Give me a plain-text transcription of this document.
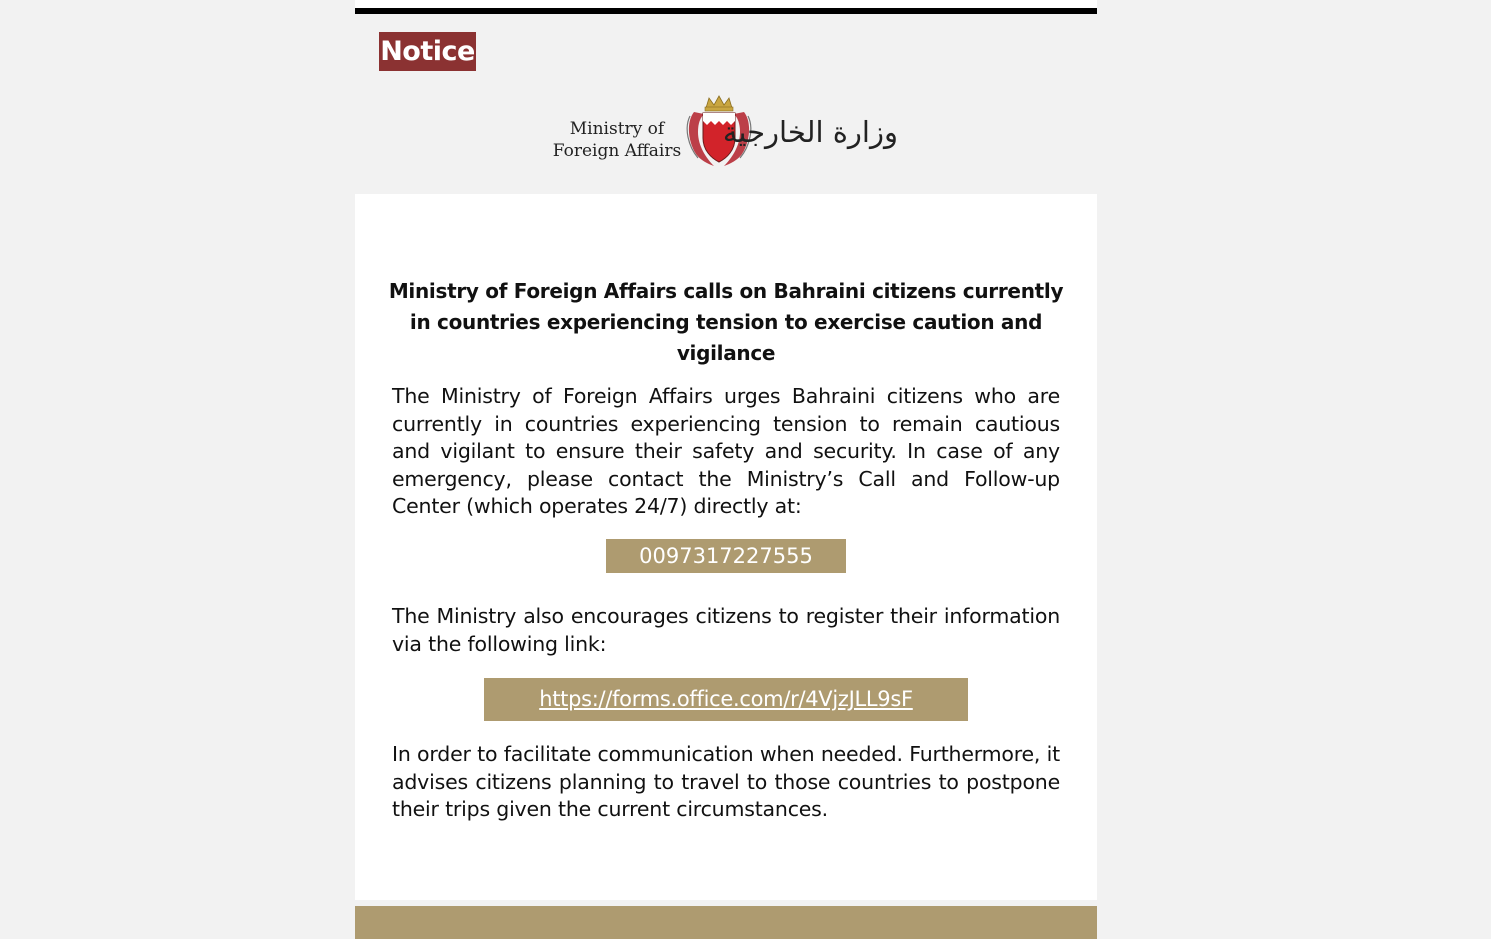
Notice
Ministry of
Foreign Affairs
وزارة الخارجية
Ministry of Foreign Affairs calls on Bahraini citizens currently in countries experiencing tension to exercise caution and vigilance
The Ministry of Foreign Affairs urges Bahraini citizens who are currently in countries experiencing tension to remain cautious and vigilant to ensure their safety and security. In case of any emergency, please contact the Ministry’s Call and Follow-up Center (which operates 24/7) directly at:
0097317227555
The Ministry also encourages citizens to register their information via the following link:
https://forms.office.com/r/4VjzJLL9sF
In order to facilitate communication when needed. Furthermore, it advises citizens planning to travel to those countries to postpone their trips given the current circumstances.
